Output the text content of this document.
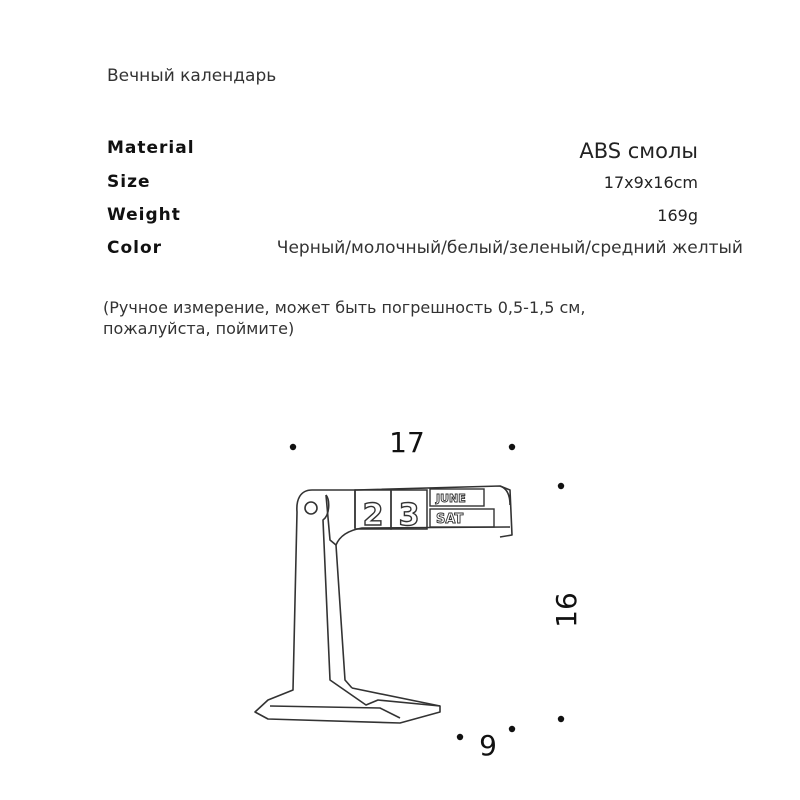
Вечный календарь
Material	ABS смолы
Size	17x9x16cm
Weight	169g
Color	Черный/молочный/белый/зеленый/средний желтый
(Ручное измерение, может быть погрешность 0,5-1,5 см, пожалуйста, поймите)
17
16
9
2 3 JUNE
SAT
